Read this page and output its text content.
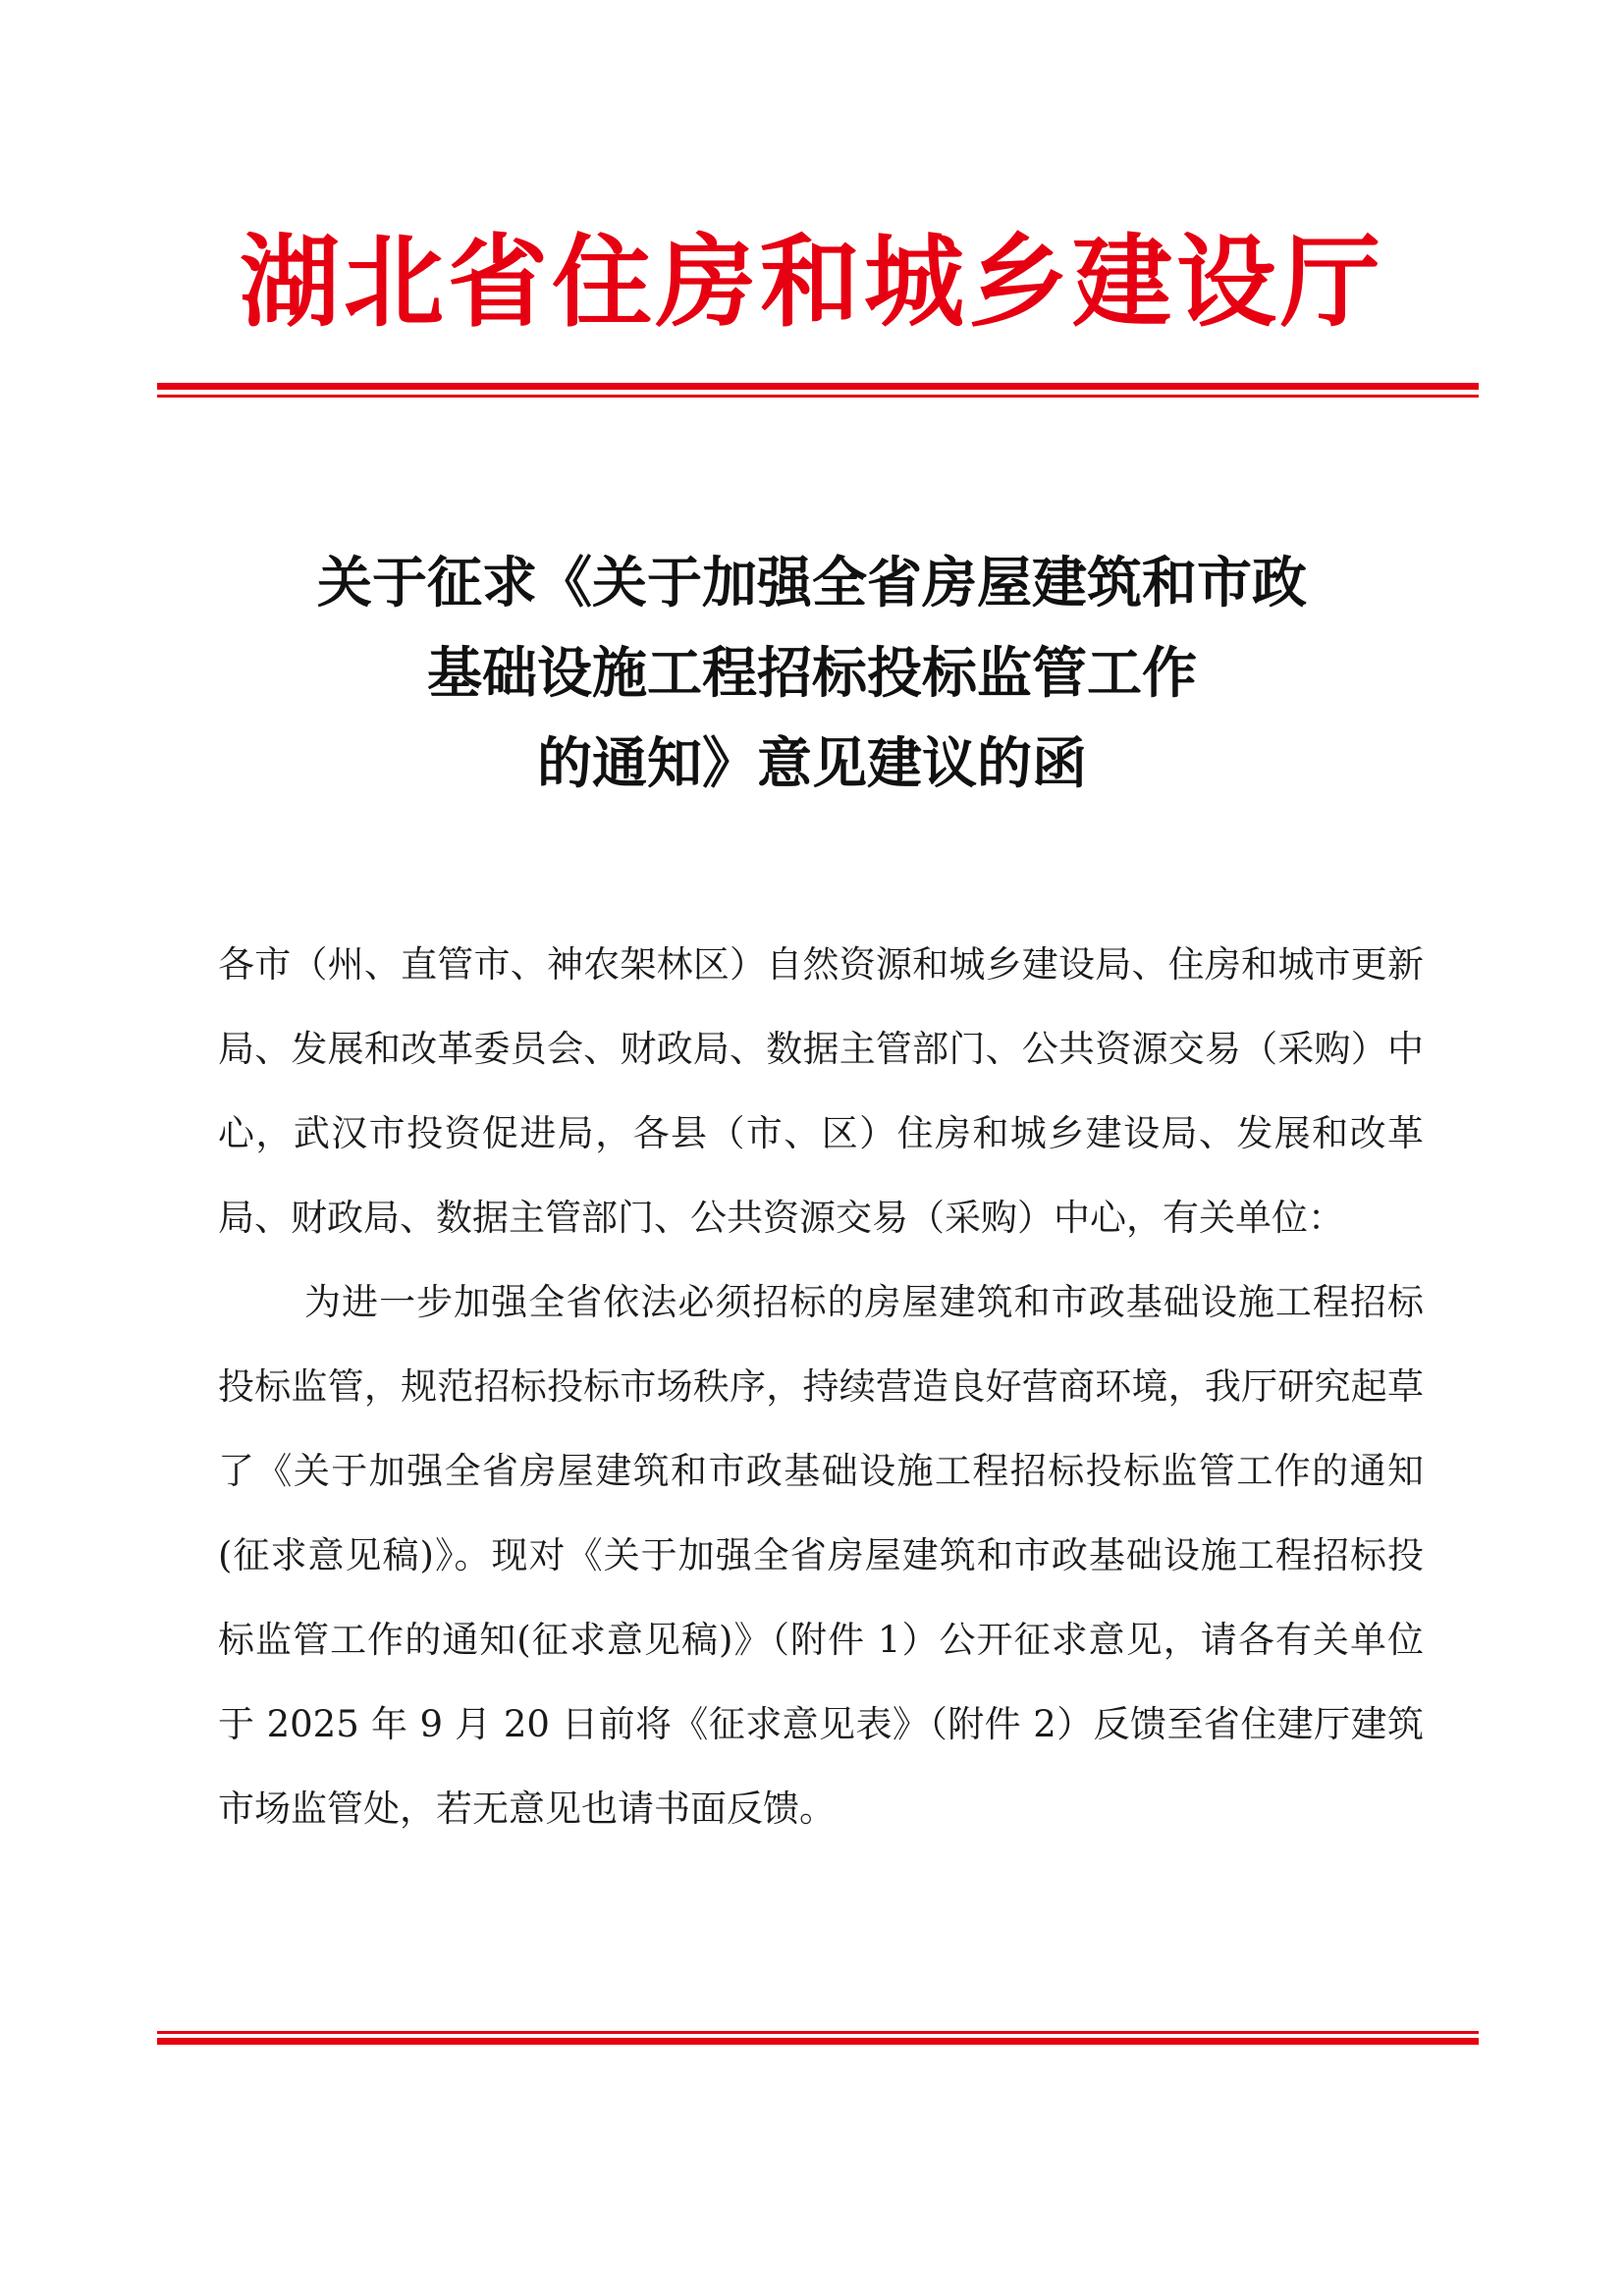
湖北省住房和城乡建设厅
关于征求《关于加强全省房屋建筑和市政
基础设施工程招标投标监管工作
的通知》意见建议的函

各市（州、直管市、神农架林区）自然资源和城乡建设局、住房和城市更新局、发展和改革委员会、财政局、数据主管部门、公共资源交易（采购）中心，武汉市投资促进局，各县（市、区）住房和城乡建设局、发展和改革局、财政局、数据主管部门、公共资源交易（采购）中心，有关单位：

为进一步加强全省依法必须招标的房屋建筑和市政基础设施工程招标投标监管，规范招标投标市场秩序，持续营造良好营商环境，我厅研究起草了《关于加强全省房屋建筑和市政基础设施工程招标投标监管工作的通知(征求意见稿)》。现对《关于加强全省房屋建筑和市政基础设施工程招标投标监管工作的通知(征求意见稿)》（附件 1）公开征求意见，请各有关单位于 2025 年 9 月 20 日前将《征求意见表》（附件 2）反馈至省住建厅建筑市场监管处，若无意见也请书面反馈。
